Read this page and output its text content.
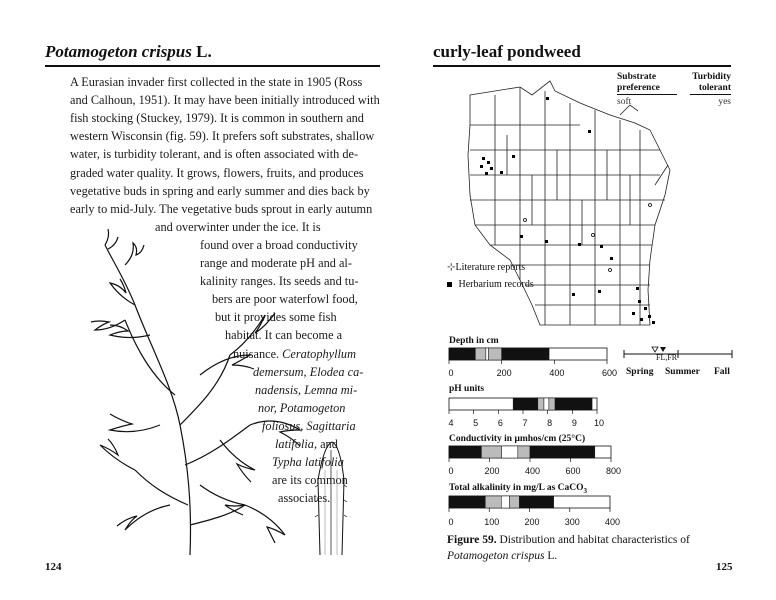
Potamogeton crispus L.
A Eurasian invader first collected in the state in 1905 (Ross
and Calhoun, 1951). It may have been initially introduced with
fish stocking (Stuckey, 1979). It is common in southern and
western Wisconsin (fig. 59). It prefers soft substrates, shallow
water, is turbidity tolerant, and is often associated with de-
graded water quality. It grows, flowers, fruits, and produces
vegetative buds in spring and early summer and dies back by
early to mid-July. The vegetative buds sprout in early autumn
and overwinter under the ice. It is
found over a broad conductivity
range and moderate pH and al-
kalinity ranges. Its seeds and tu-
bers are poor waterfowl food,
but it provides some fish
habitat. It can become a
nuisance. Ceratophyllum
demersum, Elodea ca-
nadensis, Lemna mi-
nor, Potamogeton
foliosus, Sagittaria
latifolia, and
Typha latifolia
are its common
associates.
124
curly-leaf pondweed
Substrate
preference
soft
Turbidity
tolerant
yes
⊹ Literature reports
Herbarium records
Depth in cm
0	200	400	600
pH units
4	5	6	7	8	9	10
Conductivity in μmhos/cm (25°C)
0	200	400	600	800
Total alkalinity in mg/L as CaCO$_3$
0	100	200	300	400
FL,FR
Spring Summer Fall
Figure 59. Distribution and habitat characteristics of Potamogeton crispus L.
125
